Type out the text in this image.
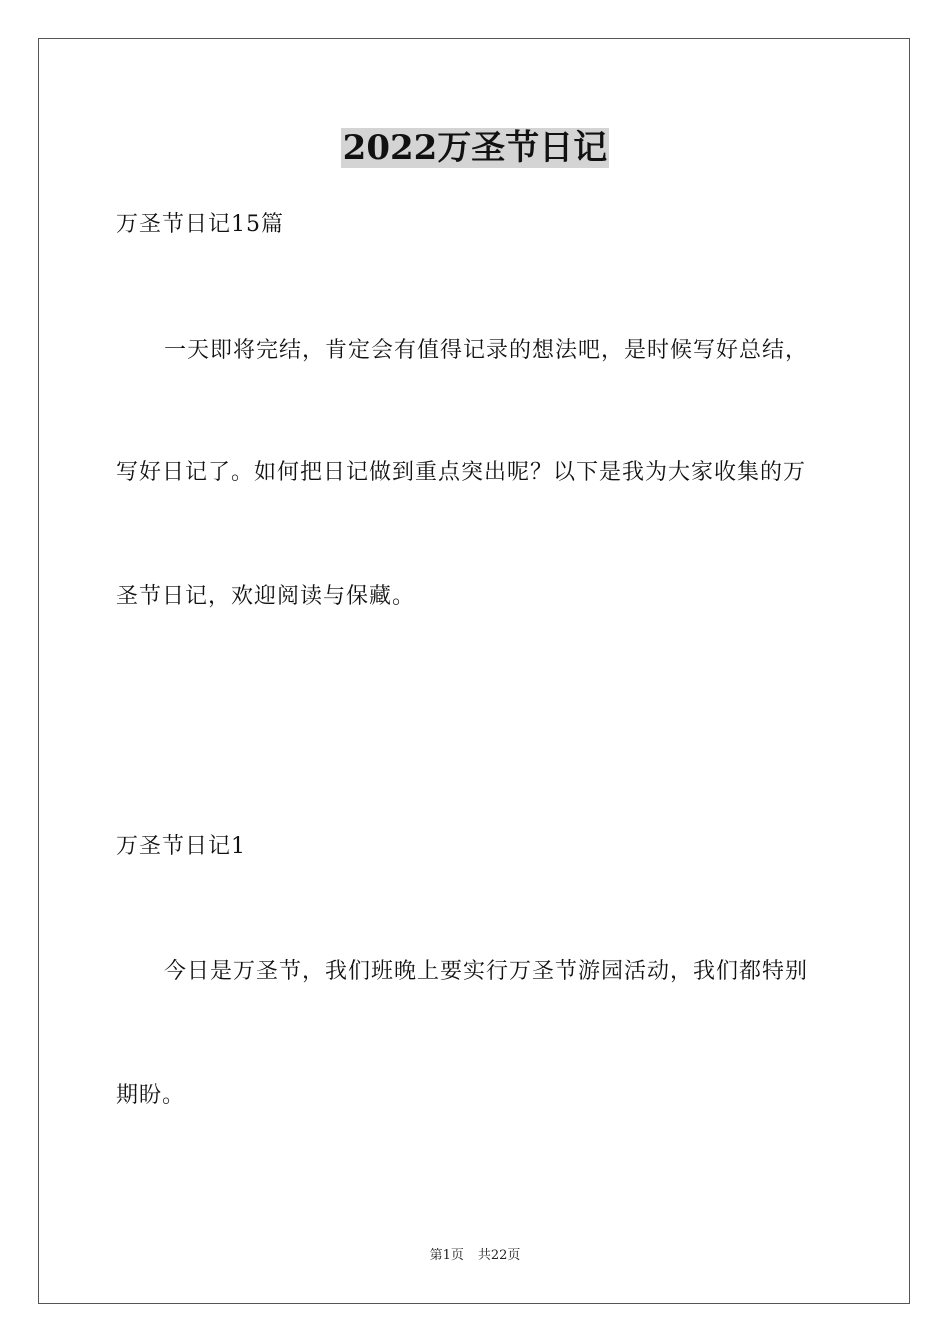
2022万圣节日记
万圣节日记15篇
一天即将完结，肯定会有值得记录的想法吧，是时候写好总结，
写好日记了。如何把日记做到重点突出呢？以下是我为大家收集的万
圣节日记，欢迎阅读与保藏。
万圣节日记1
今日是万圣节，我们班晚上要实行万圣节游园活动，我们都特别
期盼。
第1页 共22页
